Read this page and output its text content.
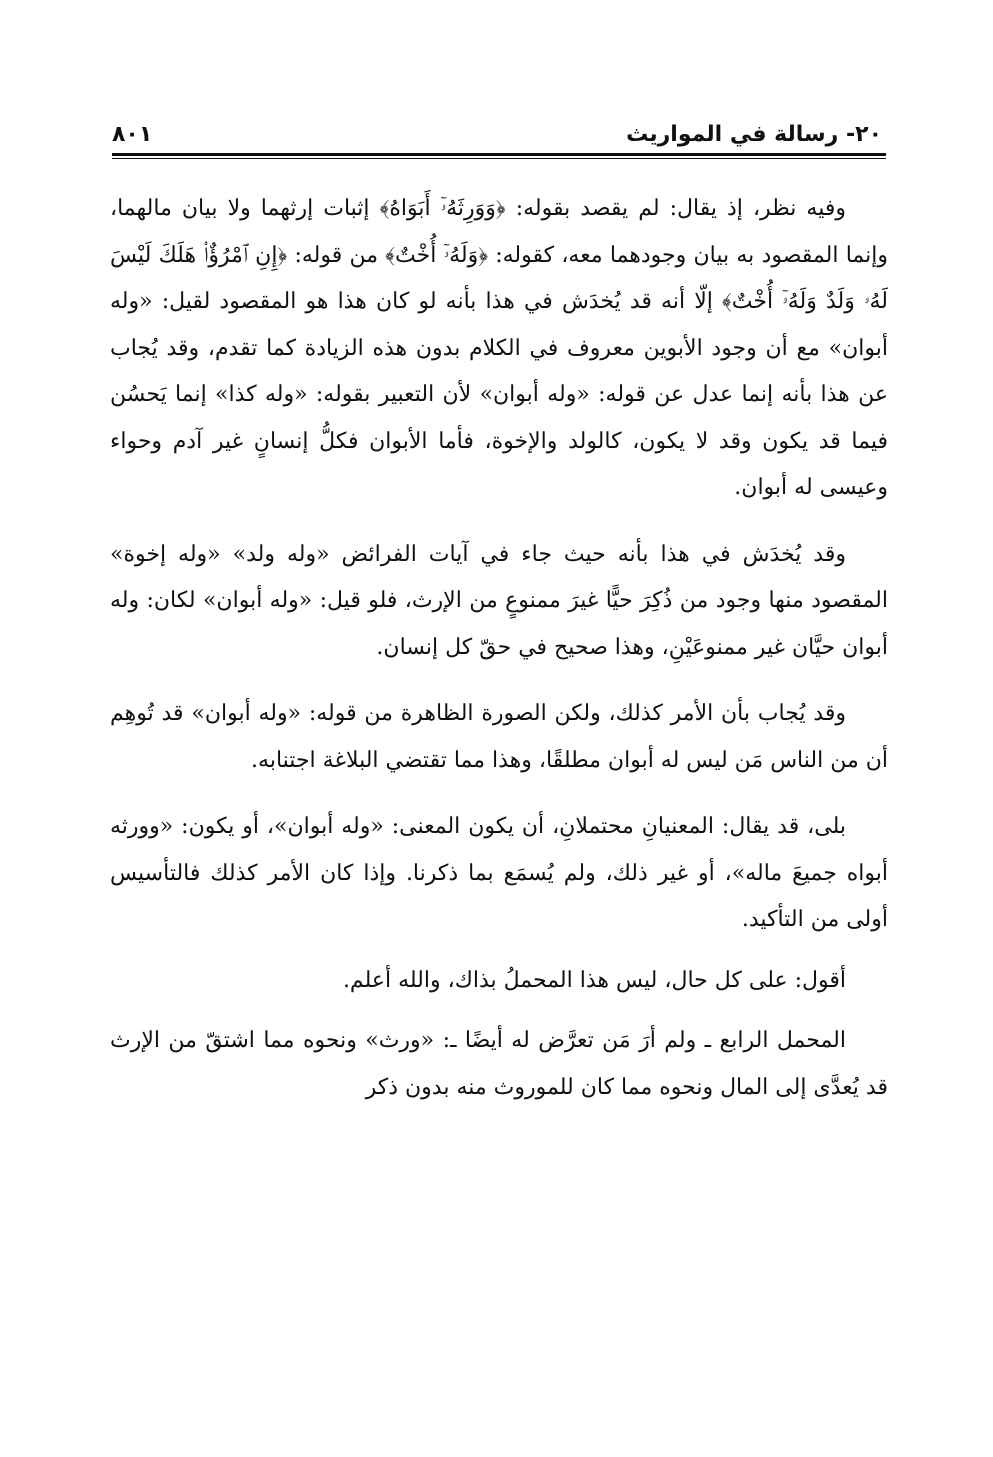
٢٠- رسالة في المواريث
٨٠١

وفيه نظر، إذ يقال: لم يقصد بقوله: ﴿وَوَرِثَهُۥٓ أَبَوَاهُ﴾ إثبات إرثهما ولا بيان مالهما، وإنما المقصود به بيان وجودهما معه، كقوله: ﴿وَلَهُۥٓ أُخْتٌ﴾ من قوله: ﴿إِنِ ٱمْرُؤٌا۟ هَلَكَ لَيْسَ لَهُۥ وَلَدٌ وَلَهُۥٓ أُخْتٌ﴾ إلّا أنه قد يُخدَش في هذا بأنه لو كان هذا هو المقصود لقيل: «وله أبوان» مع أن وجود الأبوين معروف في الكلام بدون هذه الزيادة كما تقدم، وقد يُجاب عن هذا بأنه إنما عدل عن قوله: «وله أبوان» لأن التعبير بقوله: «وله كذا» إنما يَحسُن فيما قد يكون وقد لا يكون، كالولد والإخوة، فأما الأبوان فكلُّ إنسانٍ غير آدم وحواء وعيسى له أبوان.

وقد يُخدَش في هذا بأنه حيث جاء في آيات الفرائض «وله ولد» «وله إخوة» المقصود منها وجود من ذُكِرَ حيًّا غيرَ ممنوعٍ من الإرث، فلو قيل: «وله أبوان» لكان: وله أبوان حيَّان غير ممنوعَيْنِ، وهذا صحيح في حقّ كل إنسان.

وقد يُجاب بأن الأمر كذلك، ولكن الصورة الظاهرة من قوله: «وله أبوان» قد تُوهِم أن من الناس مَن ليس له أبوان مطلقًا، وهذا مما تقتضي البلاغة اجتنابه.

بلى، قد يقال: المعنيانِ محتملانِ، أن يكون المعنى: «وله أبوان»، أو يكون: «وورثه أبواه جميعَ ماله»، أو غير ذلك، ولم يُسمَع بما ذكرنا. وإذا كان الأمر كذلك فالتأسيس أولى من التأكيد.

أقول: على كل حال، ليس هذا المحملُ بذاك، والله أعلم.

المحمل الرابع ـ ولم أرَ مَن تعرَّض له أيضًا ـ: «ورث» ونحوه مما اشتقّ من الإرث قد يُعدَّى إلى المال ونحوه مما كان للموروث منه بدون ذكر
